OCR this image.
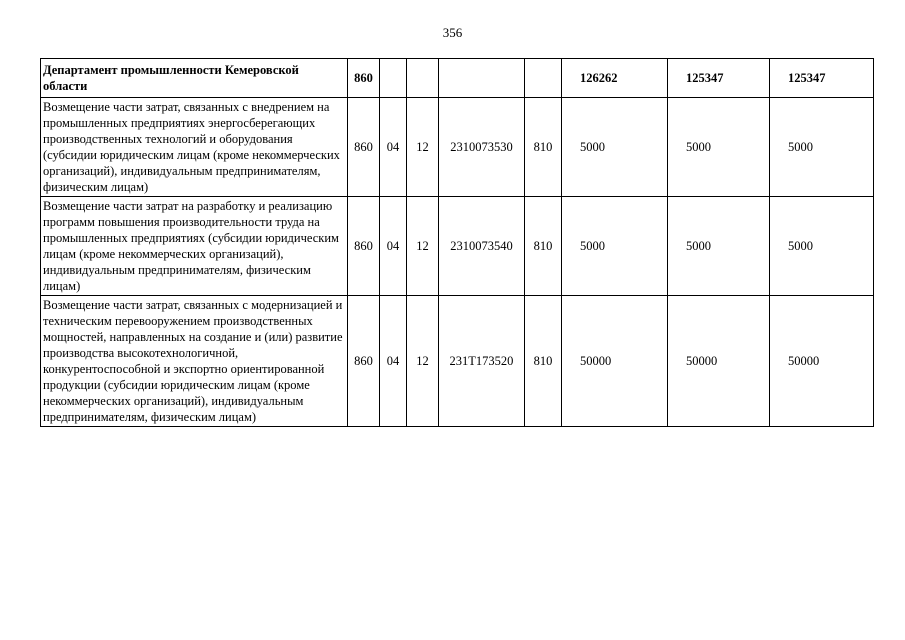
356
Департамент промышленности Кемеровской области	860					126262	125347	125347
Возмещение части затрат, связанных с внедрением на промышленных предприятиях энергосберегающих производственных технологий и оборудования (субсидии юридическим лицам (кроме некоммерческих организаций), индивидуальным предпринимателям, физическим лицам)	860	04	12	2310073530	810	5000	5000	5000
Возмещение части затрат на разработку и реализацию программ повышения производительности труда на промышленных предприятиях (субсидии юридическим лицам (кроме некоммерческих организаций), индивидуальным предпринимателям, физическим лицам)	860	04	12	2310073540	810	5000	5000	5000
Возмещение части затрат, связанных с модернизацией и техническим перевооружением производственных мощностей, направленных на создание и (или) развитие производства высокотехнологичной, конкурентоспособной и экспортно ориентированной продукции (субсидии юридическим лицам (кроме некоммерческих организаций), индивидуальным предпринимателям, физическим лицам)	860	04	12	231T173520	810	50000	50000	50000
